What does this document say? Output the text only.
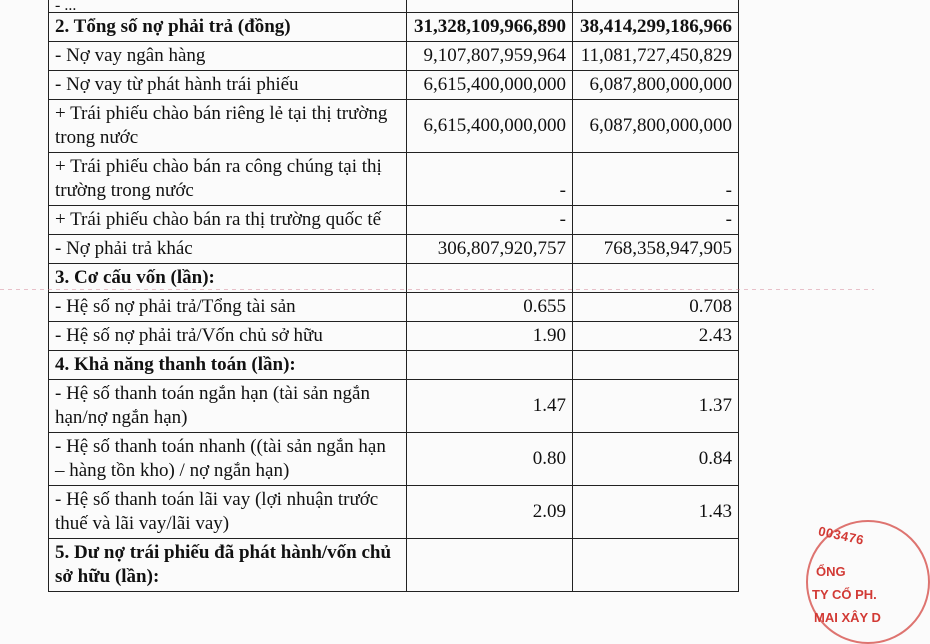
- ...		
2. Tổng số nợ phải trả (đồng)	31,328,109,966,890	38,414,299,186,966
- Nợ vay ngân hàng	9,107,807,959,964	11,081,727,450,829
- Nợ vay từ phát hành trái phiếu	6,615,400,000,000	6,087,800,000,000
+ Trái phiếu chào bán riêng lẻ tại thị trường trong nước	6,615,400,000,000	6,087,800,000,000
+ Trái phiếu chào bán ra công chúng tại thị trường trong nước	-	-
+ Trái phiếu chào bán ra thị trường quốc tế	-	-
- Nợ phải trả khác	306,807,920,757	768,358,947,905
3. Cơ cấu vốn (lần):		
- Hệ số nợ phải trả/Tổng tài sản	0.655	0.708
- Hệ số nợ phải trả/Vốn chủ sở hữu	1.90	2.43
4. Khả năng thanh toán (lần):		
- Hệ số thanh toán ngắn hạn (tài sản ngắn hạn/nợ ngắn hạn)	1.47	1.37
- Hệ số thanh toán nhanh ((tài sản ngắn hạn – hàng tồn kho) / nợ ngắn hạn)	0.80	0.84
- Hệ số thanh toán lãi vay (lợi nhuận trước thuế và lãi vay/lãi vay)	2.09	1.43
5. Dư nợ trái phiếu đã phát hành/vốn chủ sở hữu (lần):		
003476
ỔNG
TY CỔ PH.
MAI XÂY D
